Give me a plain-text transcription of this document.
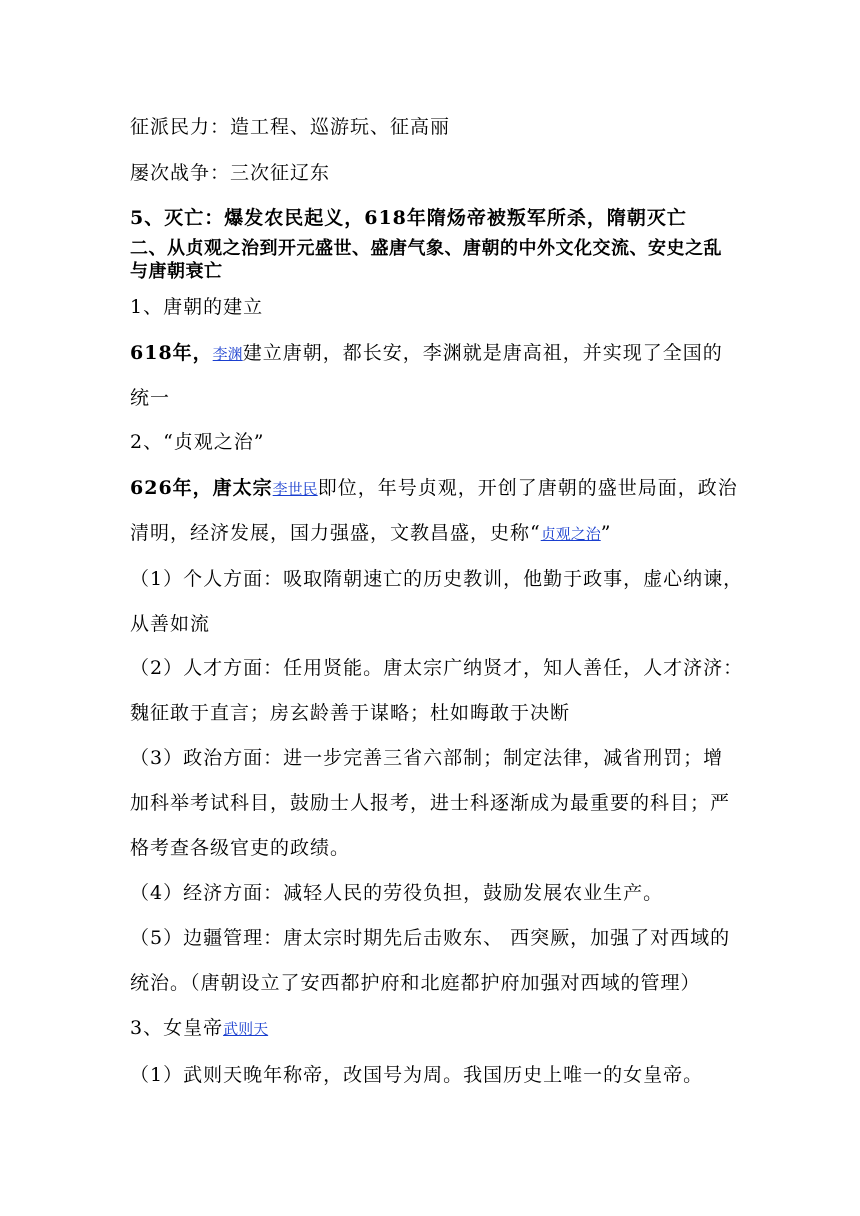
征派民力：造工程、巡游玩、征高丽
屡次战争：三次征辽东
5、灭亡：爆发农民起义，618年隋炀帝被叛军所杀，隋朝灭亡
二、从贞观之治到开元盛世、盛唐气象、唐朝的中外文化交流、安史之乱
与唐朝衰亡
1、唐朝的建立
618年，李渊建立唐朝，都长安，李渊就是唐高祖，并实现了全国的
统一
2、“贞观之治”
626年，唐太宗李世民即位，年号贞观，开创了唐朝的盛世局面，政治
清明，经济发展，国力强盛，文教昌盛，史称“贞观之治”
（1）个人方面：吸取隋朝速亡的历史教训，他勤于政事，虚心纳谏，
从善如流
（2）人才方面：任用贤能。唐太宗广纳贤才，知人善任，人才济济：
魏征敢于直言；房玄龄善于谋略；杜如晦敢于决断
（3）政治方面：进一步完善三省六部制；制定法律，减省刑罚；增
加科举考试科目，鼓励士人报考，进士科逐渐成为最重要的科目；严
格考查各级官吏的政绩。
（4）经济方面：减轻人民的劳役负担，鼓励发展农业生产。
（5）边疆管理：唐太宗时期先后击败东、 西突厥，加强了对西域的
统治。（唐朝设立了安西都护府和北庭都护府加强对西域的管理）
3、女皇帝武则天
（1）武则天晚年称帝，改国号为周。我国历史上唯一的女皇帝。
